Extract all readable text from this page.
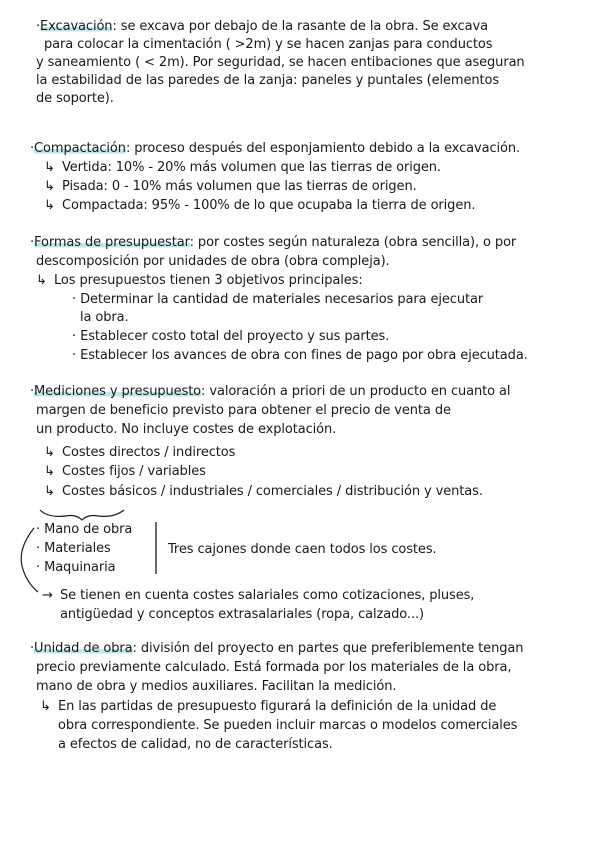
·Excavación: se excava por debajo de la rasante de la obra. Se excava
para colocar la cimentación ( >2m) y se hacen zanjas para conductos
y saneamiento ( < 2m). Por seguridad, se hacen entibaciones que aseguran
la estabilidad de las paredes de la zanja: paneles y puntales (elementos
de soporte).
·Compactación: proceso después del esponjamiento debido a la excavación.
↳ Vertida: 10% - 20% más volumen que las tierras de origen.
↳ Pisada: 0 - 10% más volumen que las tierras de origen.
↳ Compactada: 95% - 100% de lo que ocupaba la tierra de origen.
·Formas de presupuestar: por costes según naturaleza (obra sencilla), o por
descomposición por unidades de obra (obra compleja).
↳ Los presupuestos tienen 3 objetivos principales:
· Determinar la cantidad de materiales necesarios para ejecutar
la obra.
· Establecer costo total del proyecto y sus partes.
· Establecer los avances de obra con fines de pago por obra ejecutada.
·Mediciones y presupuesto: valoración a priori de un producto en cuanto al
margen de beneficio previsto para obtener el precio de venta de
un producto. No incluye costes de explotación.
↳ Costes directos / indirectos
↳ Costes fijos / variables
↳ Costes básicos / industriales / comerciales / distribución y ventas.
· Mano de obra
· Materiales
· Maquinaria
Tres cajones donde caen todos los costes.
→ Se tienen en cuenta costes salariales como cotizaciones, pluses,
antigüedad y conceptos extrasalariales (ropa, calzado...)
·Unidad de obra: división del proyecto en partes que preferiblemente tengan
precio previamente calculado. Está formada por los materiales de la obra,
mano de obra y medios auxiliares. Facilitan la medición.
↳ En las partidas de presupuesto figurará la definición de la unidad de
obra correspondiente. Se pueden incluir marcas o modelos comerciales
a efectos de calidad, no de características.
